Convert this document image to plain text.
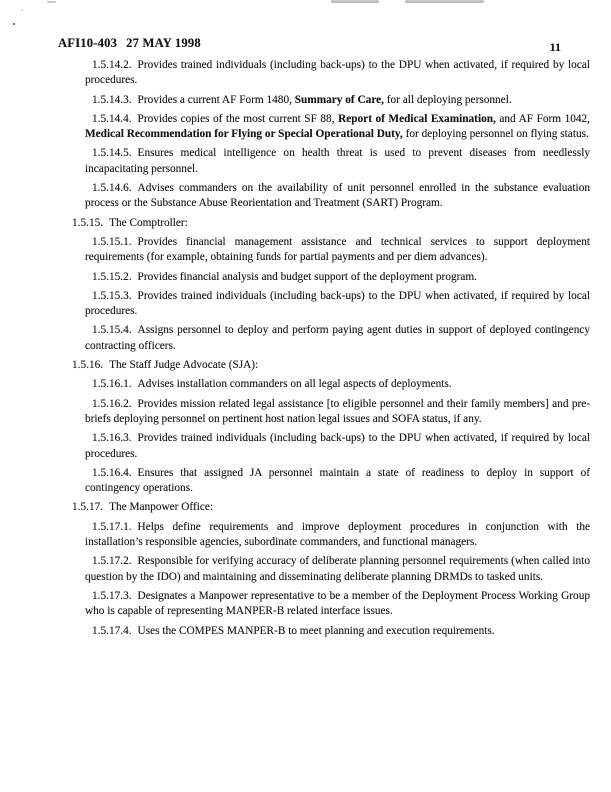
AFI10-403 27 MAY 1998	11
1.5.14.2. Provides trained individuals (including back-ups) to the DPU when activated, if required by local procedures.
1.5.14.3. Provides a current AF Form 1480, Summary of Care, for all deploying personnel.
1.5.14.4. Provides copies of the most current SF 88, Report of Medical Examination, and AF Form 1042, Medical Recommendation for Flying or Special Operational Duty, for deploying personnel on flying status.
1.5.14.5. Ensures medical intelligence on health threat is used to prevent diseases from needlessly incapacitating personnel.
1.5.14.6. Advises commanders on the availability of unit personnel enrolled in the substance evaluation process or the Substance Abuse Reorientation and Treatment (SART) Program.
1.5.15. The Comptroller:
1.5.15.1. Provides financial management assistance and technical services to support deployment requirements (for example, obtaining funds for partial payments and per diem advances).
1.5.15.2. Provides financial analysis and budget support of the deployment program.
1.5.15.3. Provides trained individuals (including back-ups) to the DPU when activated, if required by local procedures.
1.5.15.4. Assigns personnel to deploy and perform paying agent duties in support of deployed contingency contracting officers.
1.5.16. The Staff Judge Advocate (SJA):
1.5.16.1. Advises installation commanders on all legal aspects of deployments.
1.5.16.2. Provides mission related legal assistance [to eligible personnel and their family members] and pre-briefs deploying personnel on pertinent host nation legal issues and SOFA status, if any.
1.5.16.3. Provides trained individuals (including back-ups) to the DPU when activated, if required by local procedures.
1.5.16.4. Ensures that assigned JA personnel maintain a state of readiness to deploy in support of contingency operations.
1.5.17. The Manpower Office:
1.5.17.1. Helps define requirements and improve deployment procedures in conjunction with the installation’s responsible agencies, subordinate commanders, and functional managers.
1.5.17.2. Responsible for verifying accuracy of deliberate planning personnel requirements (when called into question by the IDO) and maintaining and disseminating deliberate planning DRMDs to tasked units.
1.5.17.3. Designates a Manpower representative to be a member of the Deployment Process Working Group who is capable of representing MANPER-B related interface issues.
1.5.17.4. Uses the COMPES MANPER-B to meet planning and execution requirements.
